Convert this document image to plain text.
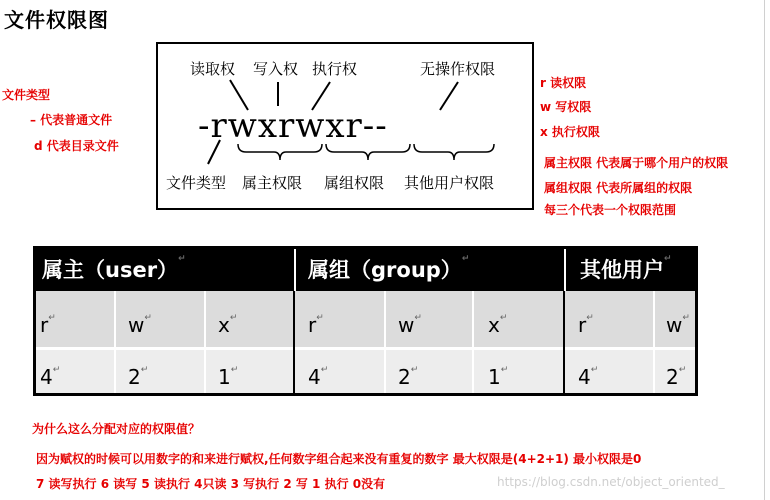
文件权限图
文件类型
– 代表普通文件
d 代表目录文件
读取权 写入权 执行权	无操作权限
-rwxrwxr--
文件类型 属主权限 属组权限 其他用户权限
r 读权限
w 写权限
x 执行权限
属主权限 代表属于哪个用户的权限
属组权限 代表所属组的权限
每三个代表一个权限范围
属主（user）↵	属组（group）↵	其他用户↵
r↵	w↵	x↵	r↵	w↵	x↵	r↵	w↵
4↵	2↵	1↵	4↵	2↵	1↵	4↵	2↵
为什么这么分配对应的权限值？
因为赋权的时候可以用数字的和来进行赋权,任何数字组合起来没有重复的数字 最大权限是(4+2+1) 最小权限是0
7 读写执行 6 读写 5 读执行 4只读 3 写执行 2 写 1 执行 0没有	https://blog.csdn.net/object_oriented_
